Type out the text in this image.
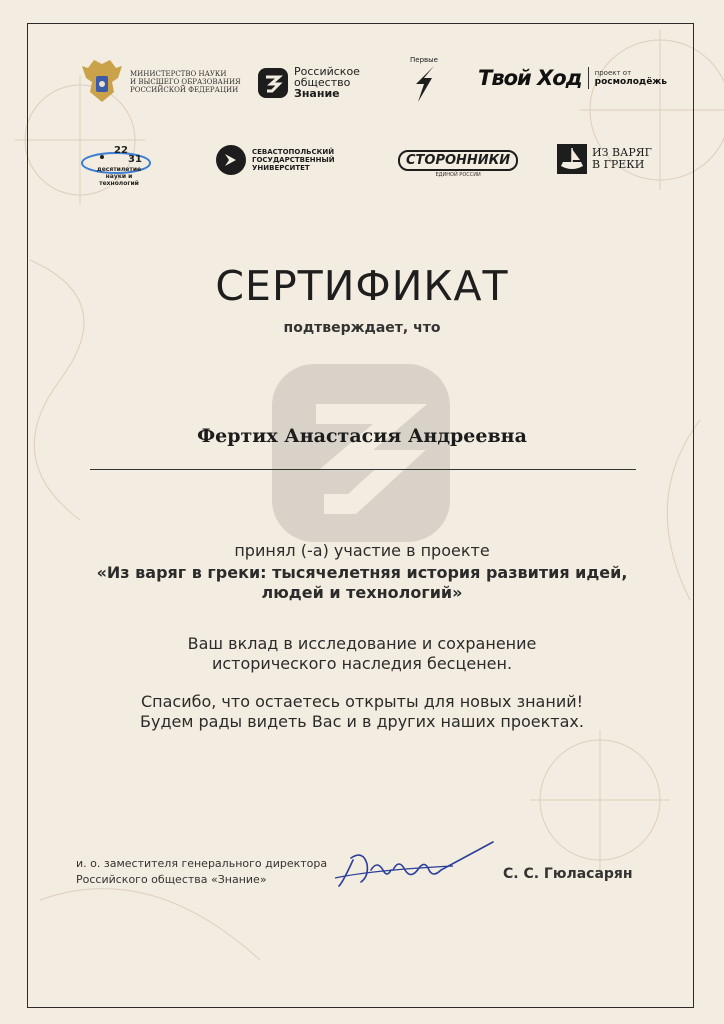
МИНИСТЕРСТВО НАУКИ
И ВЫСШЕГО ОБРАЗОВАНИЯ
РОССИЙСКОЙ ФЕДЕРАЦИИ
Российское
общество
Знание
Первые
Твой Ход проект от
росмолодёжь
22
31
десятилетие
науки и технологий
СЕВАСТОПОЛЬСКИЙ
ГОСУДАРСТВЕННЫЙ
УНИВЕРСИТЕТ	СТОРОННИКИ
ЕДИНОЙ РОССИИ
ИЗ ВАРЯГ
В ГРЕКИ
СЕРТИФИКАТ
подтверждает, что
Фертих Анастасия Андреевна
принял (-а) участие в проекте
«Из варяг в греки: тысячелетняя история развития идей,
людей и технологий»
Ваш вклад в исследование и сохранение
исторического наследия бесценен.
Спасибо, что остаетесь открыты для новых знаний!
Будем рады видеть Вас и в других наших проектах.
и. о. заместителя генерального директора
Российского общества «Знание»	С. С. Гюласарян
